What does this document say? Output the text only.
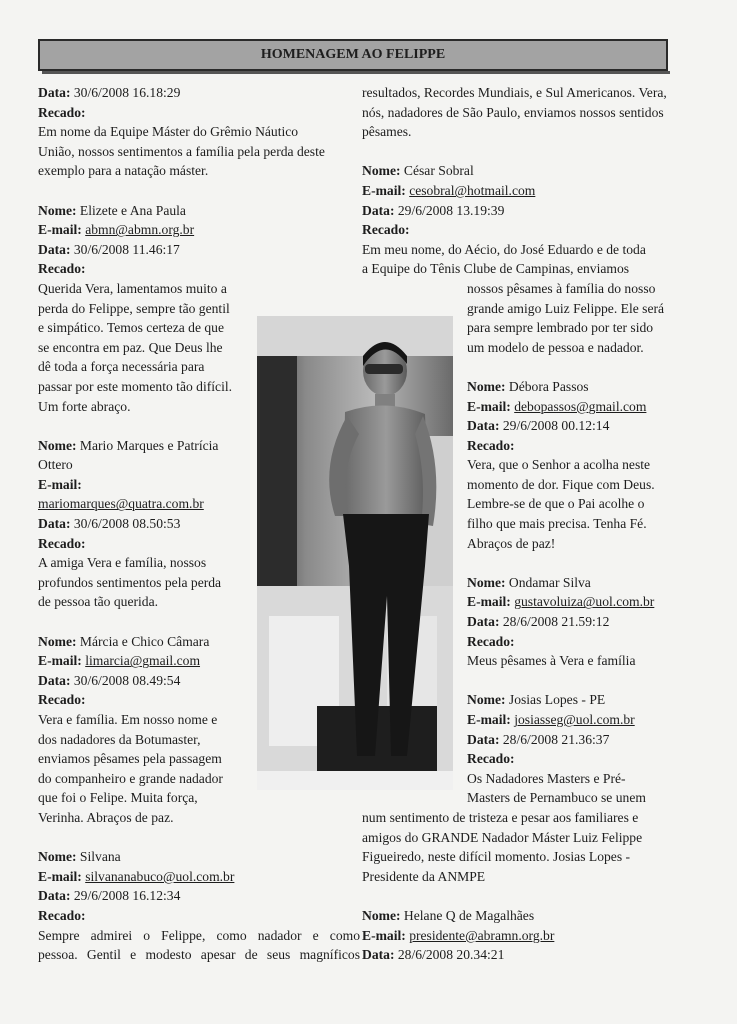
HOMENAGEM AO FELIPPE
Data: 30/6/2008 16.18:29
Recado:
Em nome da Equipe Máster do Grêmio Náutico
União, nossos sentimentos a família pela perda deste
exemplo para a natação máster.
Nome: Elizete e Ana Paula
E-mail: abmn@abmn.org.br
Data: 30/6/2008 11.46:17
Recado:
Querida Vera, lamentamos muito a
perda do Felippe, sempre tão gentil
e simpático. Temos certeza de que
se encontra em paz. Que Deus lhe
dê toda a força necessária para
passar por este momento tão difícil.
Um forte abraço.
Nome: Mario Marques e Patrícia
Ottero
E-mail:
mariomarques@quatra.com.br
Data: 30/6/2008 08.50:53
Recado:
A amiga Vera e família, nossos
profundos sentimentos pela perda
de pessoa tão querida.
Nome: Márcia e Chico Câmara
E-mail: limarcia@gmail.com
Data: 30/6/2008 08.49:54
Recado:
Vera e família. Em nosso nome e
dos nadadores da Botumaster,
enviamos pêsames pela passagem
do companheiro e grande nadador
que foi o Felipe. Muita força,
Verinha. Abraços de paz.
Nome: Silvana
E-mail: silvananabuco@uol.com.br
Data: 29/6/2008 16.12:34
Recado:
Sempre admirei o Felippe, como nadador e como
pessoa. Gentil e modesto apesar de seus magníficos
resultados, Recordes Mundiais, e Sul Americanos. Vera,
nós, nadadores de São Paulo, enviamos nossos sentidos
pêsames.
Nome: César Sobral
E-mail: cesobral@hotmail.com
Data: 29/6/2008 13.19:39
Recado:
Em meu nome, do Aécio, do José Eduardo e de toda
a Equipe do Tênis Clube de Campinas, enviamos
nossos pêsames à família do nosso
grande amigo Luiz Felippe. Ele será
para sempre lembrado por ter sido
um modelo de pessoa e nadador.
Nome: Débora Passos
E-mail: debopassos@gmail.com
Data: 29/6/2008 00.12:14
Recado:
Vera, que o Senhor a acolha neste
momento de dor. Fique com Deus.
Lembre-se de que o Pai acolhe o
filho que mais precisa. Tenha Fé.
Abraços de paz!
Nome: Ondamar Silva
E-mail: gustavoluiza@uol.com.br
Data: 28/6/2008 21.59:12
Recado:
Meus pêsames à Vera e família
Nome: Josias Lopes - PE
E-mail: josiasseg@uol.com.br
Data: 28/6/2008 21.36:37
Recado:
Os Nadadores Masters e Pré-
Masters de Pernambuco se unem
num sentimento de tristeza e pesar aos familiares e
amigos do GRANDE Nadador Máster Luiz Felippe
Figueiredo, neste difícil momento. Josias Lopes -
Presidente da ANMPE
Nome: Helane Q de Magalhães
E-mail: presidente@abramn.org.br
Data: 28/6/2008 20.34:21
